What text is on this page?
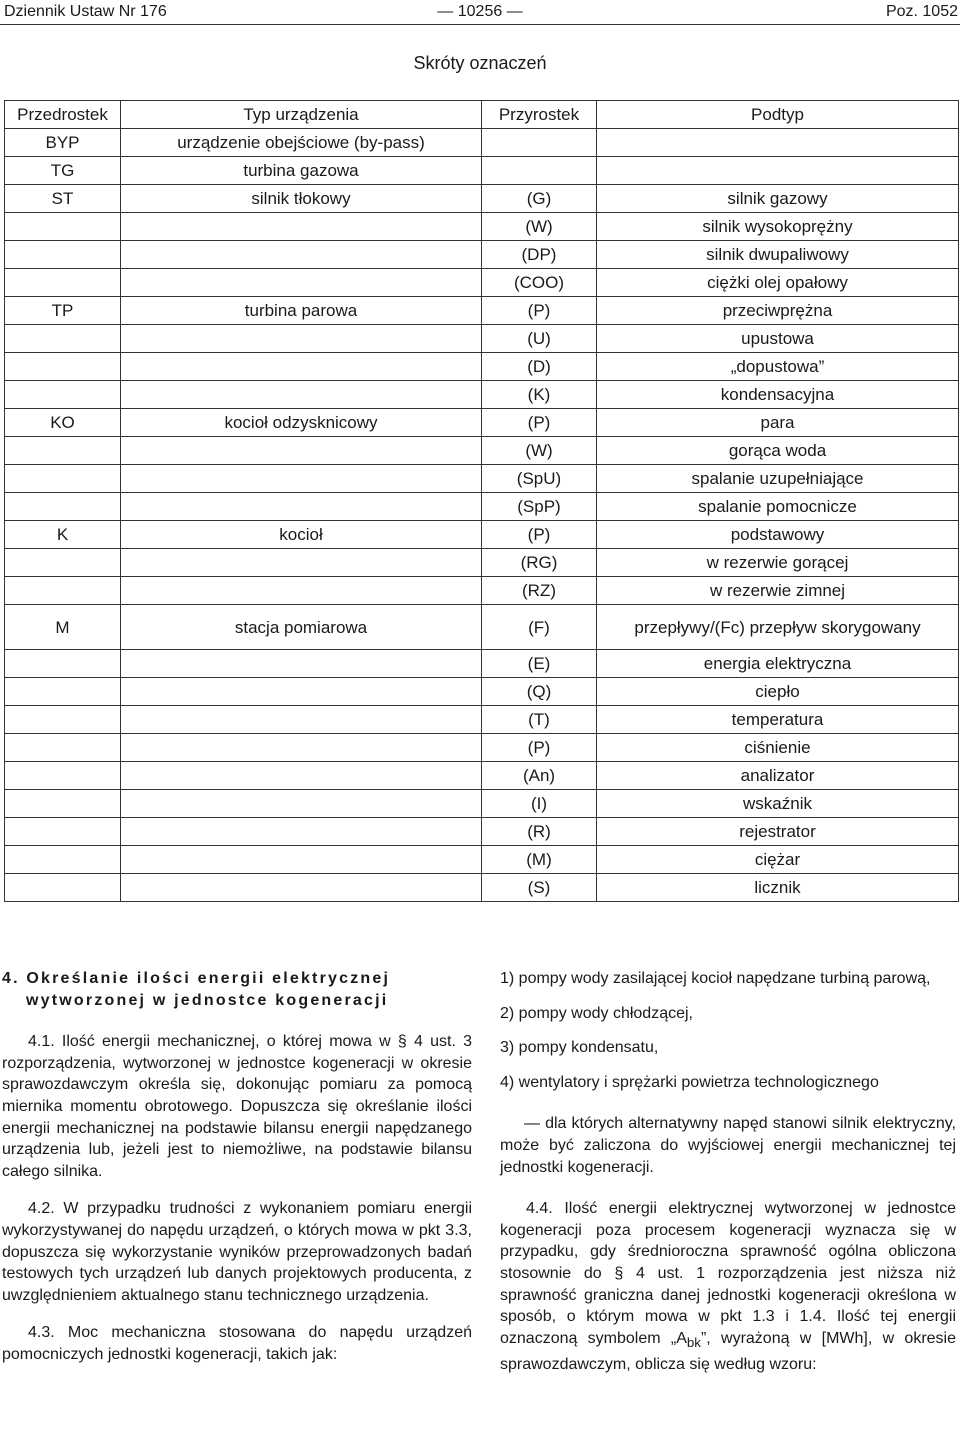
Dziennik Ustaw Nr 176	— 10256 —	Poz. 1052
Skróty oznaczeń
Przedrostek	Typ urządzenia	Przyrostek	Podtyp
BYP	urządzenie obejściowe (by-pass)		
TG	turbina gazowa		
ST	silnik tłokowy	(G)	silnik gazowy
		(W)	silnik wysokoprężny
		(DP)	silnik dwupaliwowy
		(COO)	ciężki olej opałowy
TP	turbina parowa	(P)	przeciwprężna
		(U)	upustowa
		(D)	„dopustowa”
		(K)	kondensacyjna
KO	kocioł odzysknicowy	(P)	para
		(W)	gorąca woda
		(SpU)	spalanie uzupełniające
		(SpP)	spalanie pomocnicze
K	kocioł	(P)	podstawowy
		(RG)	w rezerwie gorącej
		(RZ)	w rezerwie zimnej
M	stacja pomiarowa	(F)	przepływy/(Fc) przepływ skorygowany
		(E)	energia elektryczna
		(Q)	ciepło
		(T)	temperatura
		(P)	ciśnienie
		(An)	analizator
		(I)	wskaźnik
		(R)	rejestrator
		(M)	ciężar
		(S)	licznik

4. Określanie ilości energii elektrycznej wytworzonej w jednostce kogeneracji

4.1. Ilość energii mechanicznej, o której mowa w § 4 ust. 3 rozporządzenia, wytworzonej w jednostce kogeneracji w okresie sprawozdawczym określa się, dokonując pomiaru za pomocą miernika momentu obrotowego. Dopuszcza się określanie ilości energii mechanicznej na podstawie bilansu energii napędzanego urządzenia lub, jeżeli jest to niemożliwe, na podstawie bilansu całego silnika.

4.2. W przypadku trudności z wykonaniem pomiaru energii wykorzystywanej do napędu urządzeń, o których mowa w pkt 3.3, dopuszcza się wykorzystanie wyników przeprowadzonych badań testowych tych urządzeń lub danych projektowych producenta, z uwzględnieniem aktualnego stanu technicznego urządzenia.

4.3. Moc mechaniczna stosowana do napędu urządzeń pomocniczych jednostki kogeneracji, takich jak:

1) pompy wody zasilającej kocioł napędzane turbiną parową,

2) pompy wody chłodzącej,

3) pompy kondensatu,

4) wentylatory i sprężarki powietrza technologicznego

— dla których alternatywny napęd stanowi silnik elektryczny, może być zaliczona do wyjściowej energii mechanicznej tej jednostki kogeneracji.

4.4. Ilość energii elektrycznej wytworzonej w jednostce kogeneracji poza procesem kogeneracji wyznacza się w przypadku, gdy średnioroczna sprawność ogólna obliczona stosownie do § 4 ust. 1 rozporządzenia jest niższa niż sprawność graniczna danej jednostki kogeneracji określona w sposób, o którym mowa w pkt 1.3 i 1.4. Ilość tej energii oznaczoną symbolem $„A_{bk}$”, wyrażoną w [MWh], w okresie sprawozdawczym, oblicza się według wzoru:
